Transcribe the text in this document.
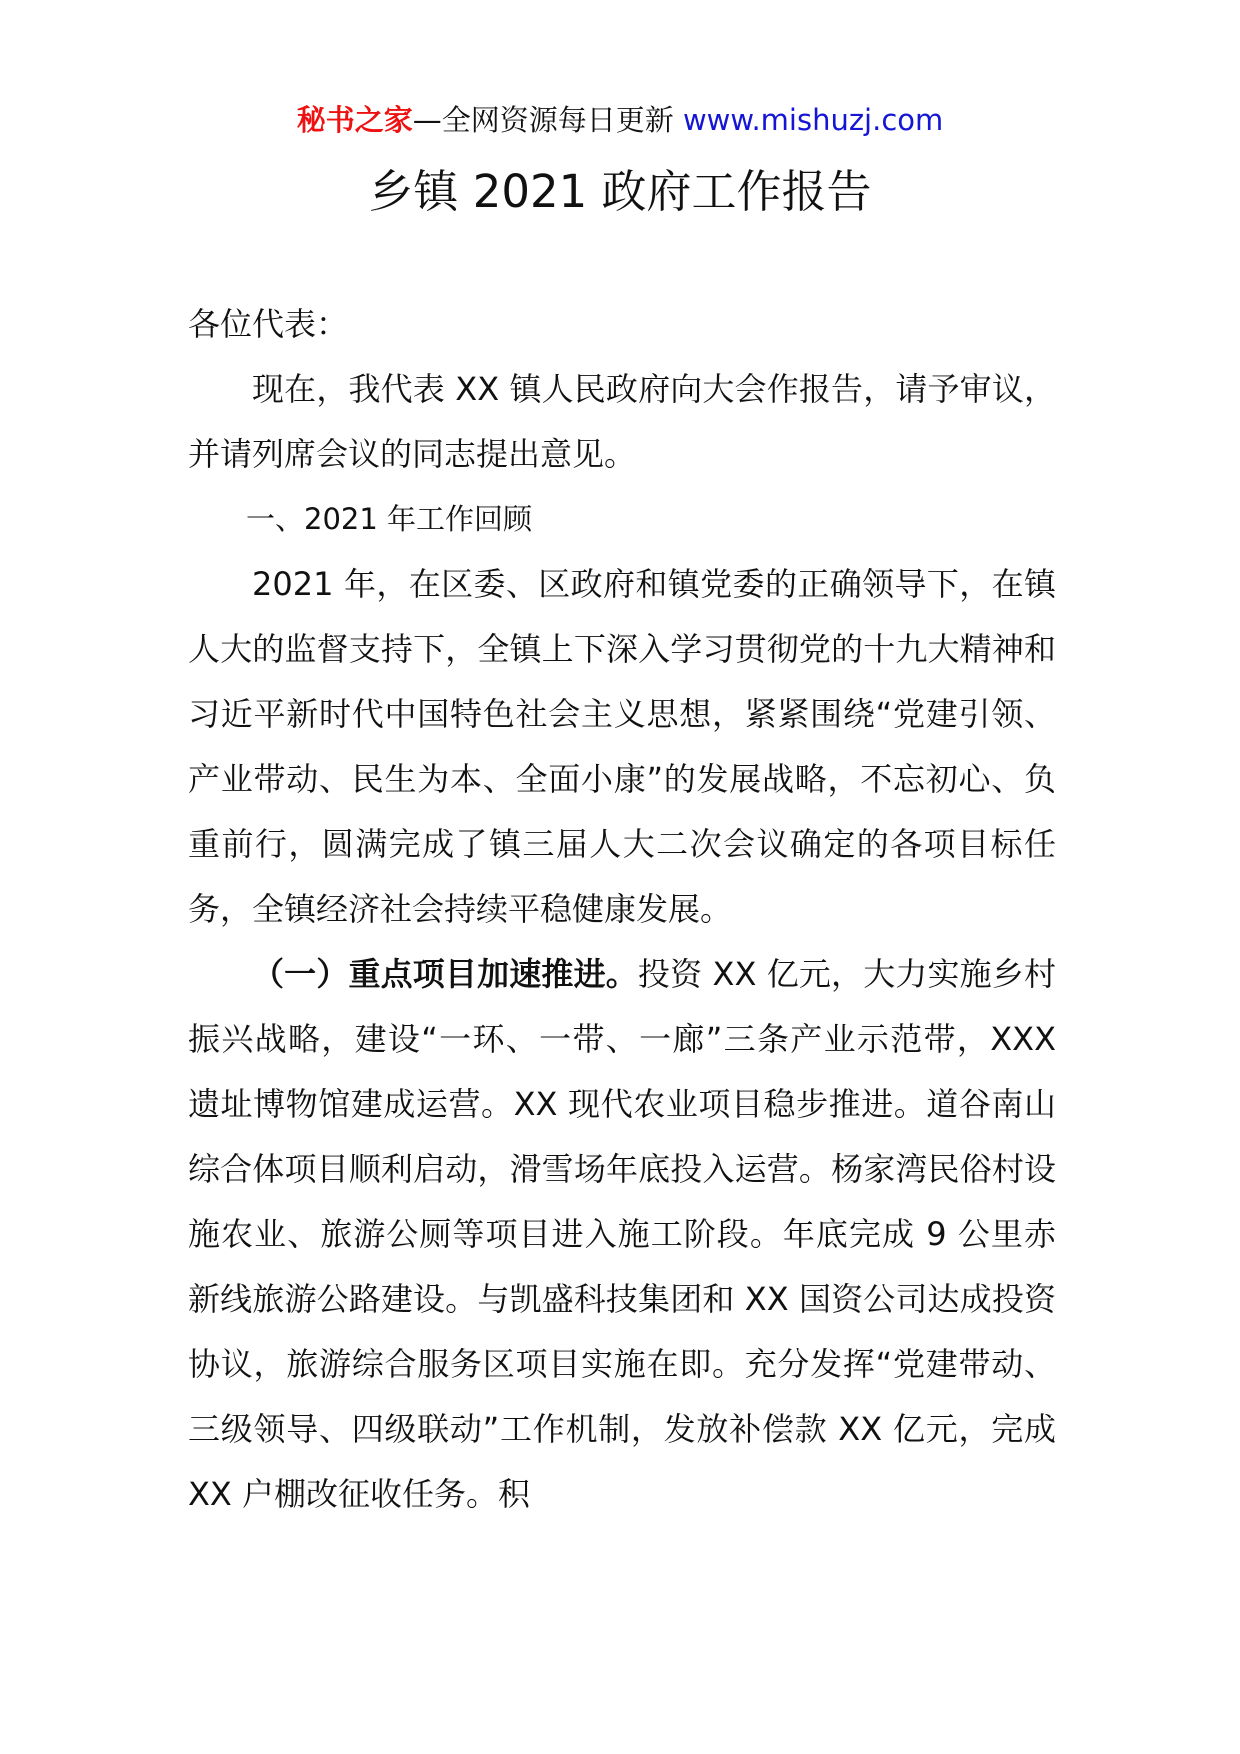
秘书之家—全网资源每日更新 www.mishuzj.com
乡镇 2021 政府工作报告

各位代表：

现在，我代表 XX 镇人民政府向大会作报告，请予审议，并请列席会议的同志提出意见。

一、2021 年工作回顾

2021 年，在区委、区政府和镇党委的正确领导下，在镇人大的监督支持下，全镇上下深入学习贯彻党的十九大精神和习近平新时代中国特色社会主义思想，紧紧围绕“党建引领、产业带动、民生为本、全面小康”的发展战略，不忘初心、负重前行，圆满完成了镇三届人大二次会议确定的各项目标任务，全镇经济社会持续平稳健康发展。

（一）重点项目加速推进。投资 XX 亿元，大力实施乡村振兴战略，建设“一环、一带、一廊”三条产业示范带，XXX 遗址博物馆建成运营。XX 现代农业项目稳步推进。道谷南山综合体项目顺利启动，滑雪场年底投入运营。杨家湾民俗村设施农业、旅游公厕等项目进入施工阶段。年底完成 9 公里赤新线旅游公路建设。与凯盛科技集团和 XX 国资公司达成投资协议，旅游综合服务区项目实施在即。充分发挥“党建带动、三级领导、四级联动”工作机制，发放补偿款 XX 亿元，完成 XX 户棚改征收任务。积
